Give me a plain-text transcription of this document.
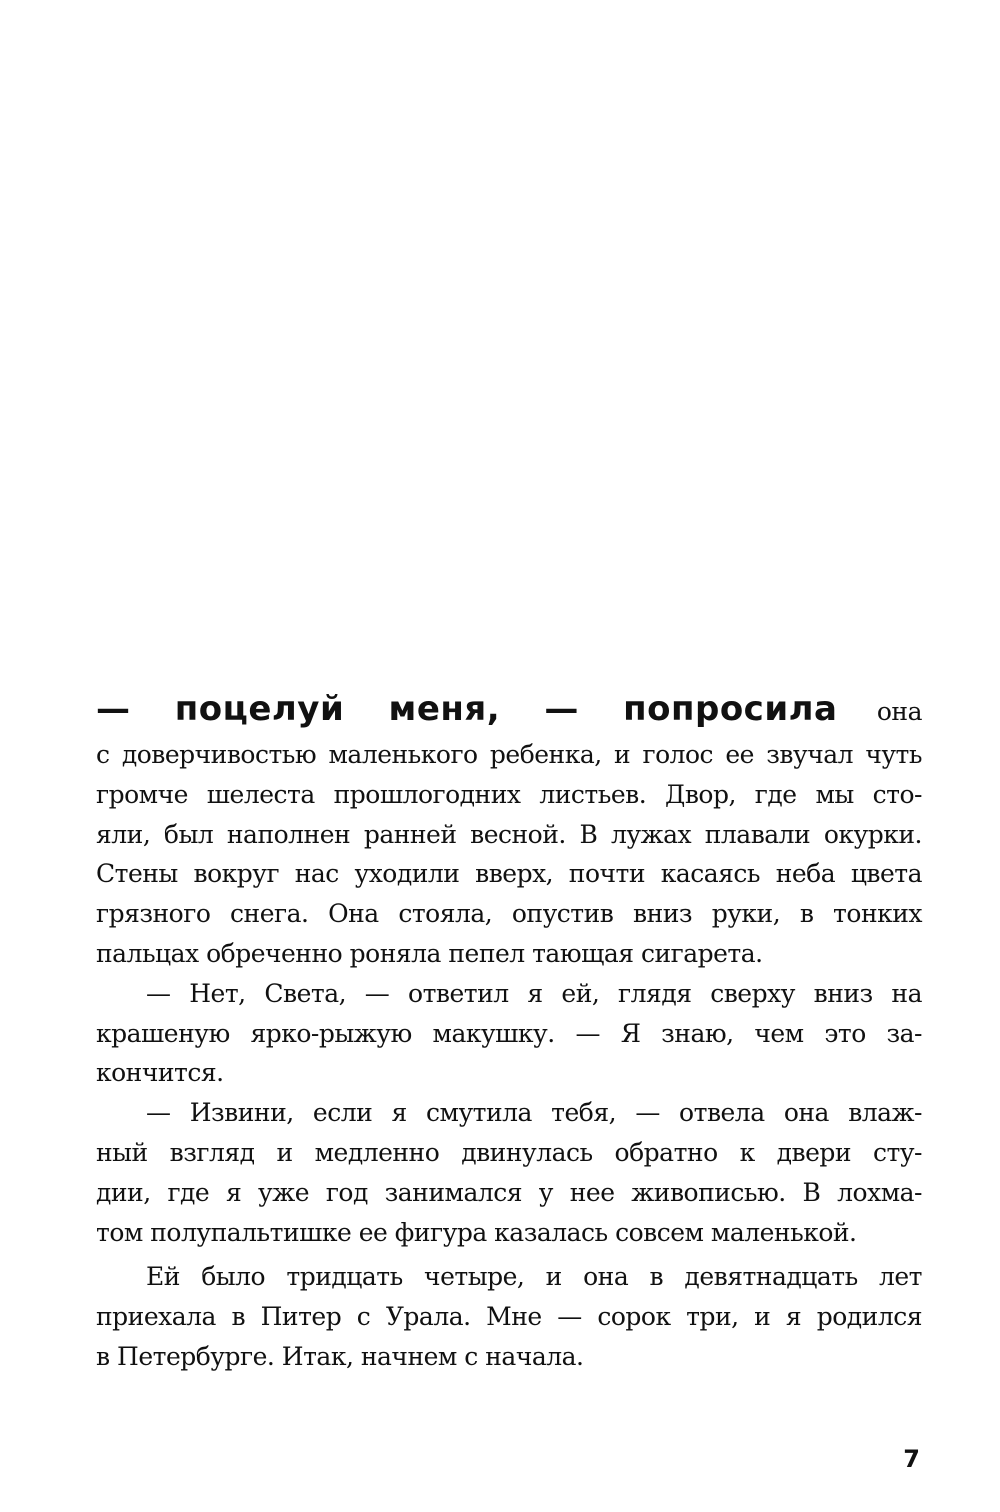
— поцелуй меня, — попросила она
с доверчивостью маленького ребенка, и голос ее звучал чуть
громче шелеста прошлогодних листьев. Двор, где мы сто-
яли, был наполнен ранней весной. В лужах плавали окурки.
Стены вокруг нас уходили вверх, почти касаясь неба цвета
грязного снега. Она стояла, опустив вниз руки, в тонких
пальцах обреченно роняла пепел тающая сигарета.
— Нет, Света, — ответил я ей, глядя сверху вниз на
крашеную ярко-рыжую макушку. — Я знаю, чем это за-
кончится.
— Извини, если я смутила тебя, — отвела она влаж-
ный взгляд и медленно двинулась обратно к двери сту-
дии, где я уже год занимался у нее живописью. В лохма-
том полупальтишке ее фигура казалась совсем маленькой.
Ей было тридцать четыре, и она в девятнадцать лет
приехала в Питер с Урала. Мне — сорок три, и я родился
в Петербурге. Итак, начнем с начала.
7
